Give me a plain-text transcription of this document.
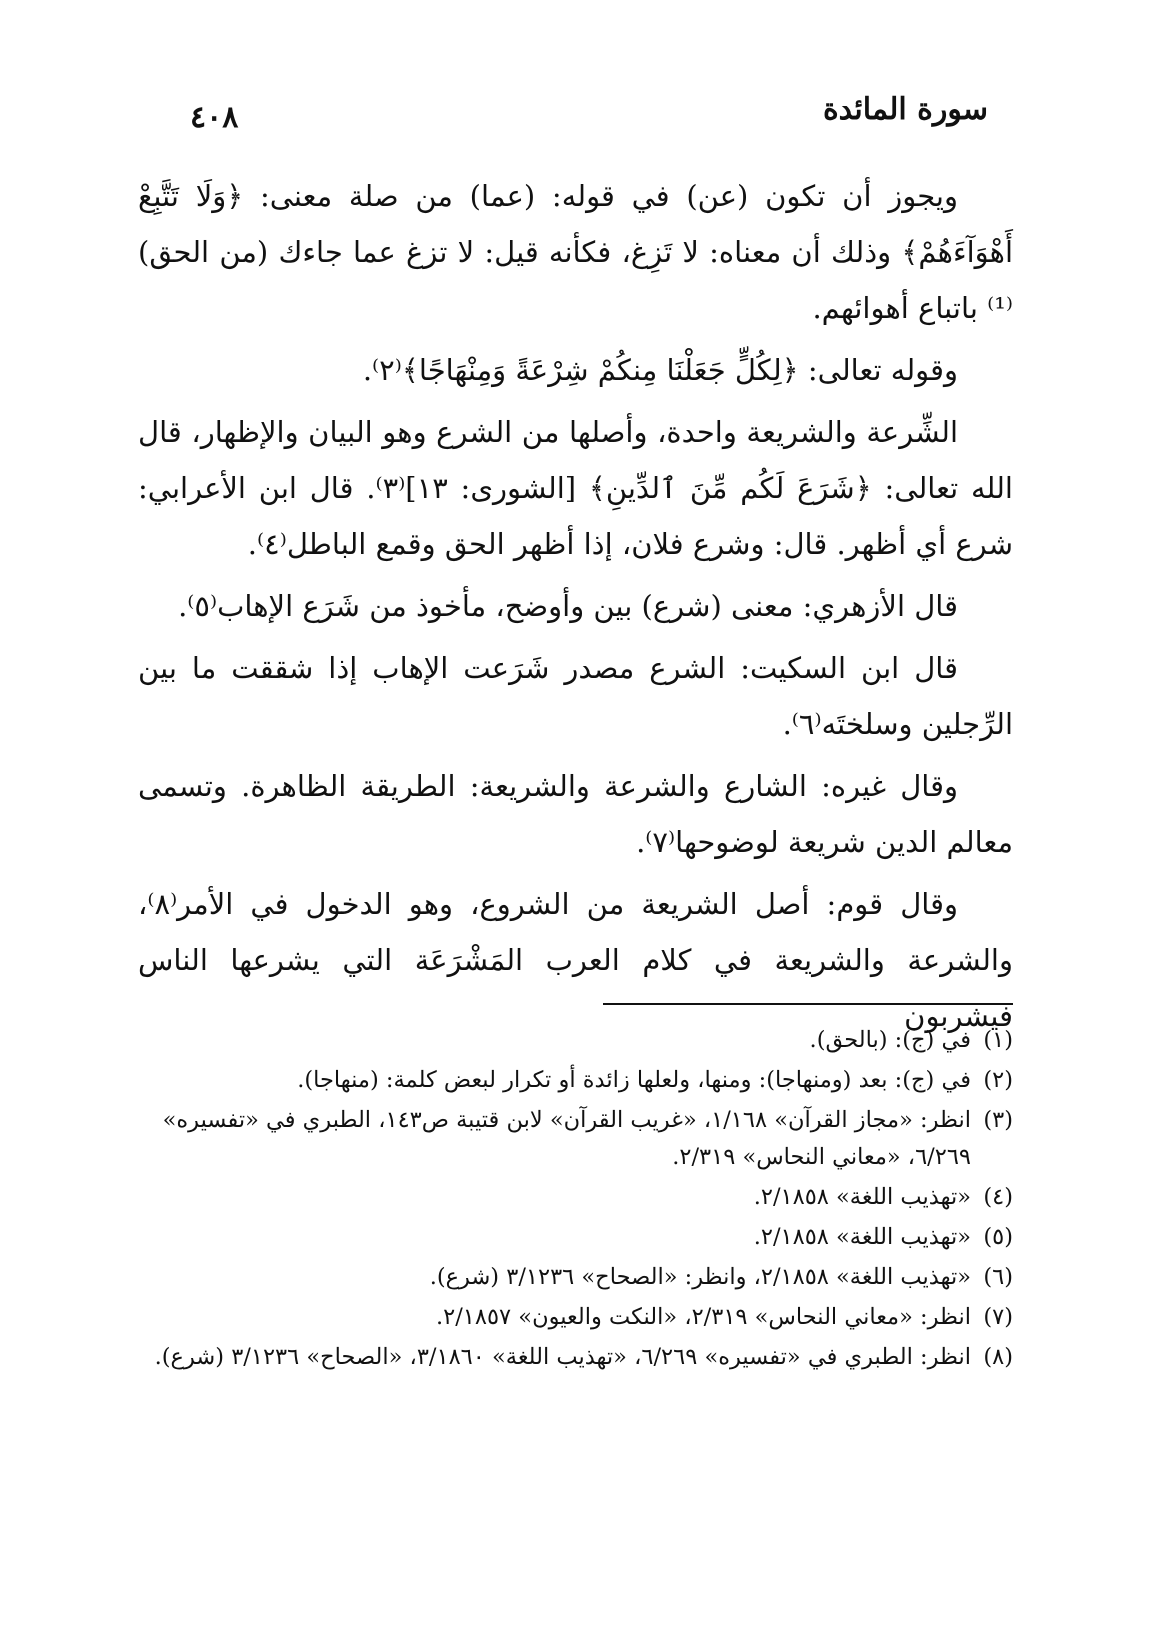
سورة المائدة
٤٠٨

ويجوز أن تكون (عن) في قوله: (عما) من صلة معنى: ﴿وَلَا تَتَّبِعْ أَهْوَآءَهُمْ﴾ وذلك أن معناه: لا تَزِغ، فكأنه قيل: لا تزغ عما جاءك (من الحق)⁽¹⁾ باتباع أهوائهم.

وقوله تعالى: ﴿لِكُلٍّ جَعَلْنَا مِنكُمْ شِرْعَةً وَمِنْهَاجًا﴾⁽٢⁾.

الشِّرعة والشريعة واحدة، وأصلها من الشرع وهو البيان والإظهار، قال الله تعالى: ﴿شَرَعَ لَكُم مِّنَ ٱلدِّينِ﴾ [الشورى: ١٣]⁽٣⁾. قال ابن الأعرابي: شرع أي أظهر. قال: وشرع فلان، إذا أظهر الحق وقمع الباطل⁽٤⁾.

قال الأزهري: معنى (شرع) بين وأوضح، مأخوذ من شَرَع الإهاب⁽٥⁾.

قال ابن السكيت: الشرع مصدر شَرَعت الإهاب إذا شققت ما بين الرِّجلين وسلختَه⁽٦⁾.

وقال غيره: الشارع والشرعة والشريعة: الطريقة الظاهرة. وتسمى معالم الدين شريعة لوضوحها⁽٧⁾.

وقال قوم: أصل الشريعة من الشروع، وهو الدخول في الأمر⁽٨⁾، والشرعة والشريعة في كلام العرب المَشْرَعَة التي يشرعها الناس فيشربون

(١)
في (ج): (بالحق).
(٢)
في (ج): بعد (ومنهاجا): ومنها، ولعلها زائدة أو تكرار لبعض كلمة: (منهاجا).
(٣)
انظر: «مجاز القرآن» ١/١٦٨، «غريب القرآن» لابن قتيبة ص١٤٣، الطبري في «تفسيره» ٦/٢٦٩، «معاني النحاس» ٢/٣١٩.
(٤)
«تهذيب اللغة» ٢/١٨٥٨.
(٥)
«تهذيب اللغة» ٢/١٨٥٨.
(٦)
«تهذيب اللغة» ٢/١٨٥٨، وانظر: «الصحاح» ٣/١٢٣٦ (شرع).
(٧)
انظر: «معاني النحاس» ٢/٣١٩، «النكت والعيون» ٢/١٨٥٧.
(٨)
انظر: الطبري في «تفسيره» ٦/٢٦٩، «تهذيب اللغة» ٣/١٨٦٠، «الصحاح» ٣/١٢٣٦ (شرع).
